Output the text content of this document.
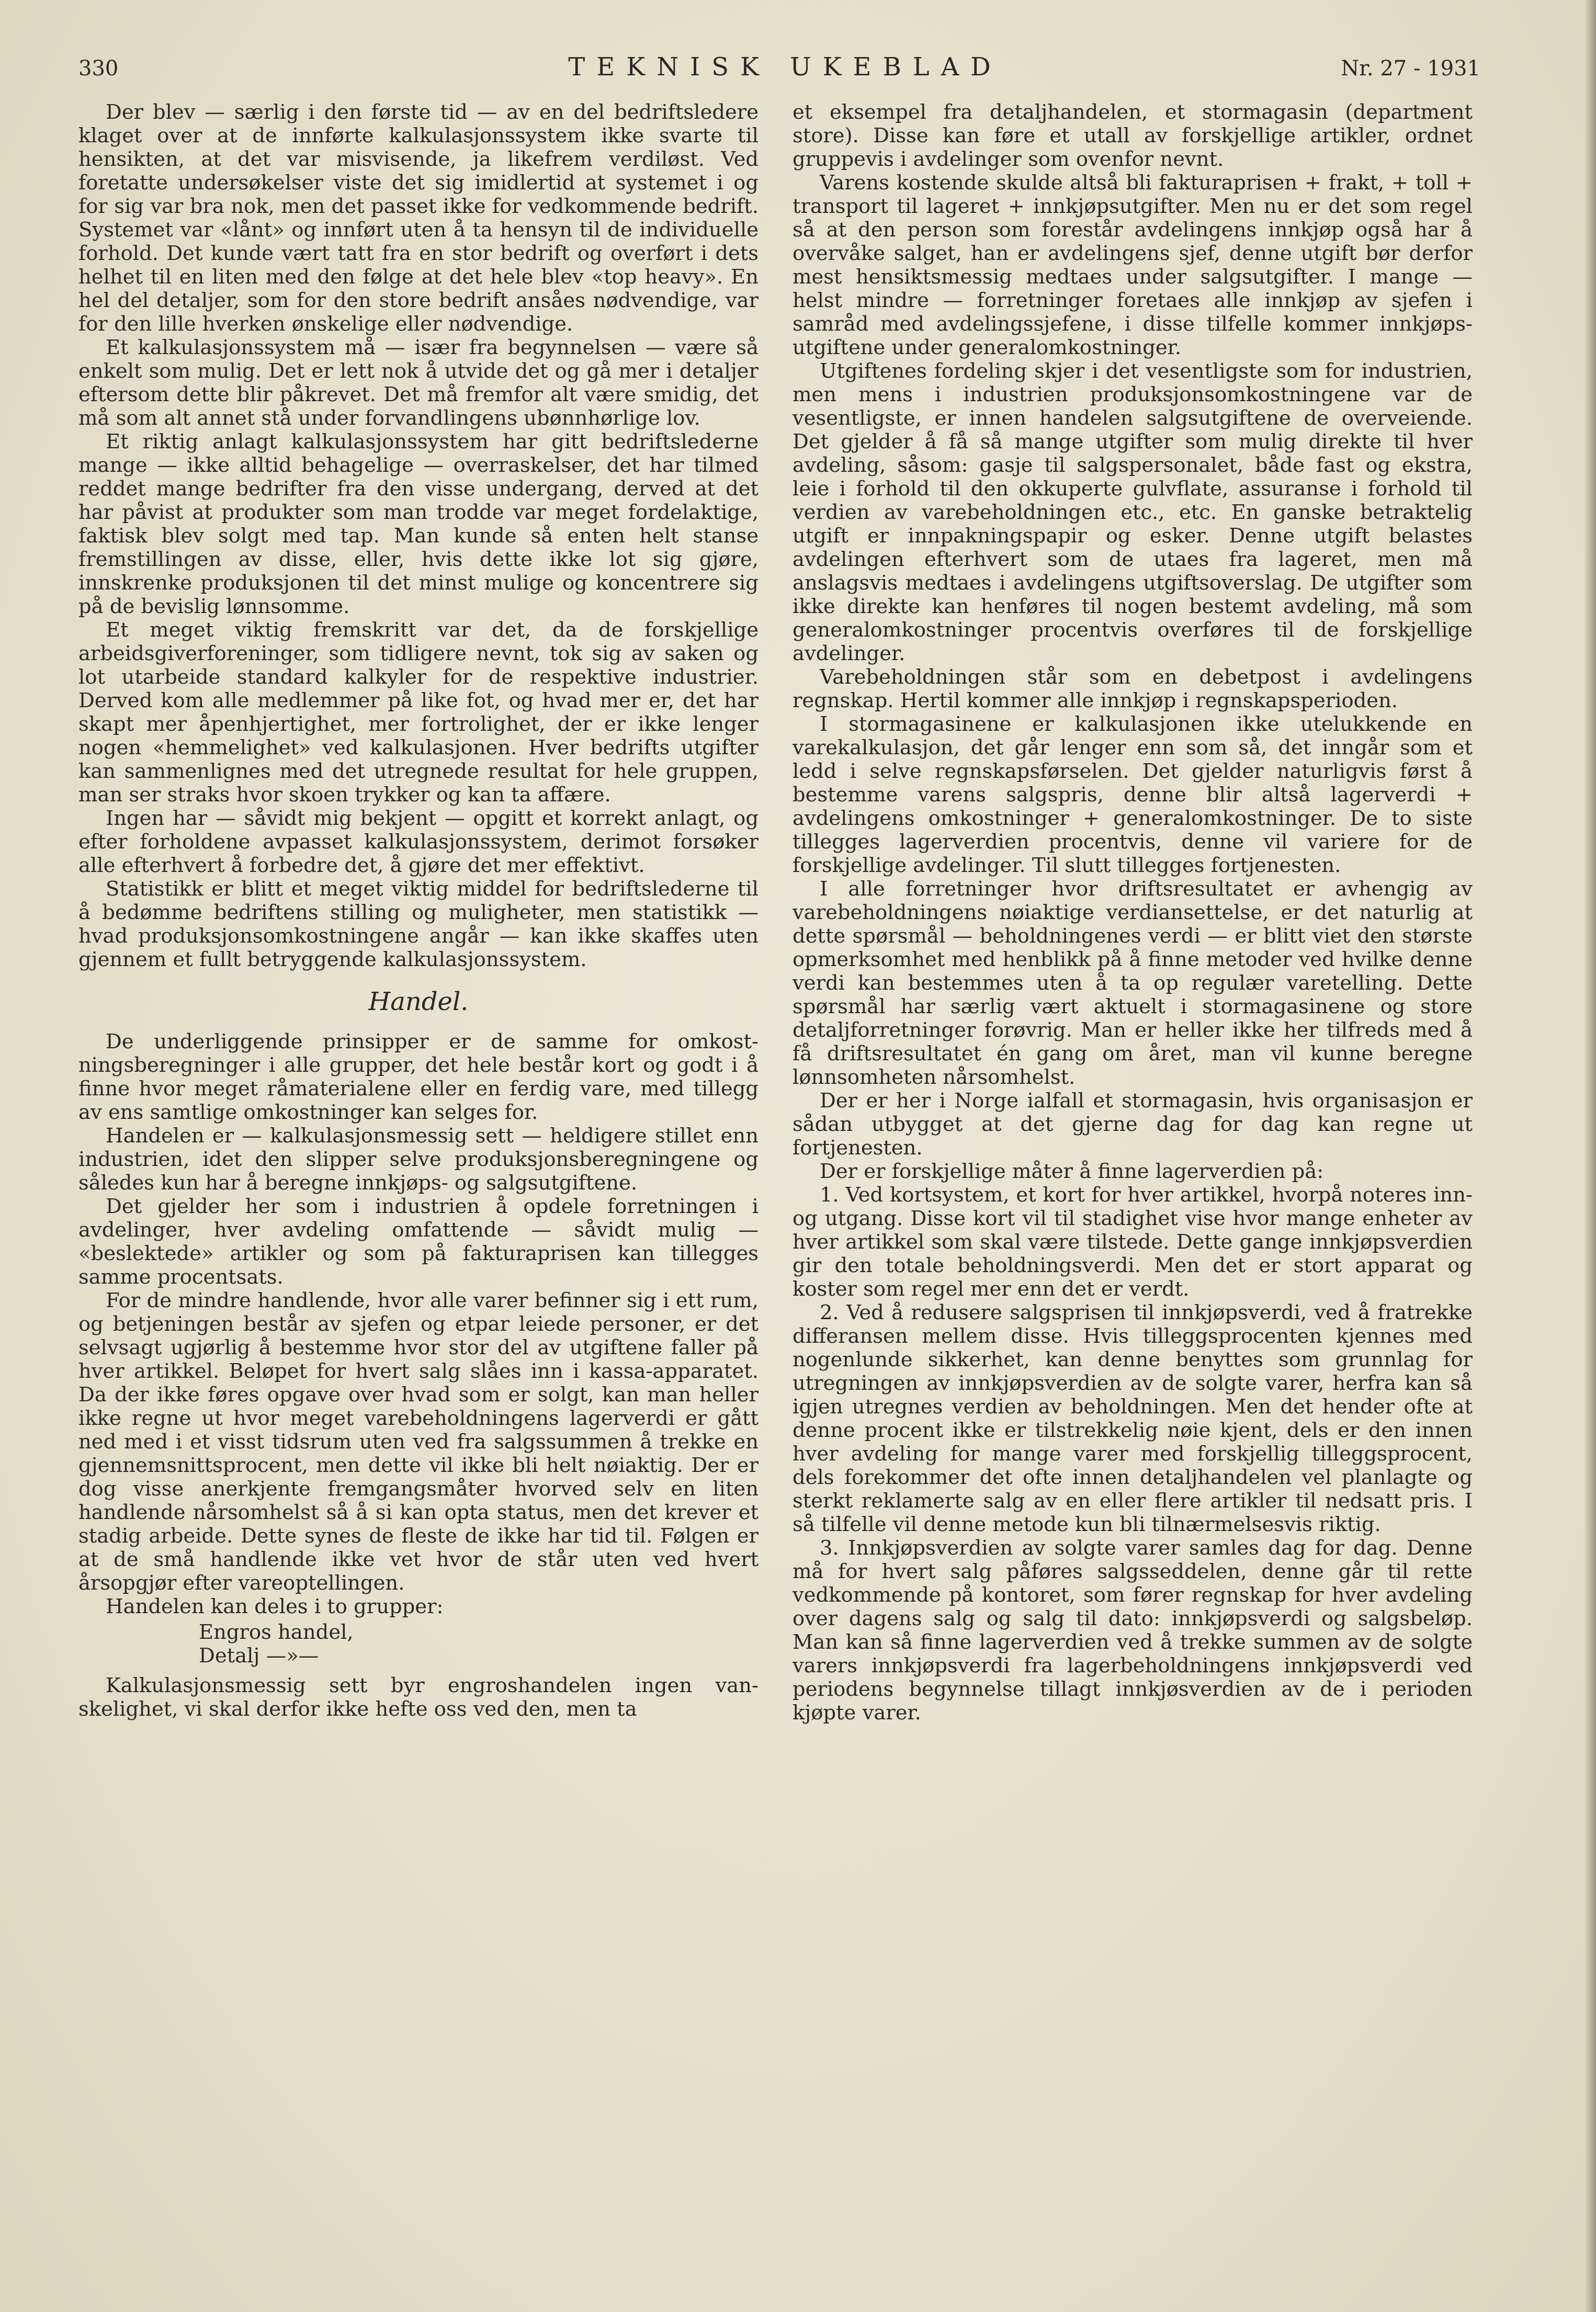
330	TEKNISK UKEBLAD	Nr. 27 - 1931

Der blev — særlig i den første tid — av en del bedriftsledere klaget over at de innførte kalkulasjonssystem ikke svarte til hensikten, at det var misvisende, ja likefrem verdiløst. Ved foretatte undersøkelser viste det sig imidlertid at systemet i og for sig var bra nok, men det passet ikke for vedkommende bedrift. Systemet var «lånt» og innført uten å ta hensyn til de individuelle forhold. Det kunde vært tatt fra en stor bedrift og overført i dets helhet til en liten med den følge at det hele blev «top heavy». En hel del detaljer, som for den store bedrift ansåes nødvendige, var for den lille hverken ønskelige eller nødvendige.

Et kalkulasjonssystem må — især fra begynnelsen — være så enkelt som mulig. Det er lett nok å utvide det og gå mer i detaljer eftersom dette blir påkrevet. Det må fremfor alt være smidig, det må som alt annet stå under forvandlingens ubønnhørlige lov.

Et riktig anlagt kalkulasjonssystem har gitt bedriftslederne mange — ikke alltid behagelige — overraskelser, det har tilmed reddet mange bedrifter fra den visse undergang, derved at det har påvist at produkter som man trodde var meget fordelaktige, faktisk blev solgt med tap. Man kunde så enten helt stanse fremstillingen av disse, eller, hvis dette ikke lot sig gjøre, innskrenke produksjonen til det minst mulige og koncentrere sig på de bevislig lønnsomme.

Et meget viktig fremskritt var det, da de forskjellige arbeidsgiverforeninger, som tidligere nevnt, tok sig av saken og lot utarbeide standard kalkyler for de respektive industrier. Derved kom alle medlemmer på like fot, og hvad mer er, det har skapt mer åpenhjertighet, mer fortrolighet, der er ikke lenger nogen «hemmelighet» ved kalkulasjonen. Hver bedrifts utgifter kan sammenlignes med det utregnede resultat for hele gruppen, man ser straks hvor skoen trykker og kan ta affære.

Ingen har — såvidt mig bekjent — opgitt et korrekt anlagt, og efter forholdene avpasset kalkulasjonssystem, derimot forsøker alle efterhvert å forbedre det, å gjøre det mer effektivt.

Statistikk er blitt et meget viktig middel for bedriftslederne til å bedømme bedriftens stilling og muligheter, men statistikk — hvad produksjonsomkostningene angår — kan ikke skaffes uten gjennem et fullt betryggende kalkulasjonssystem.

Handel.

De underliggende prinsipper er de samme for omkostningsberegninger i alle grupper, det hele består kort og godt i å finne hvor meget råmaterialene eller en ferdig vare, med tillegg av ens samtlige omkostninger kan selges for.

Handelen er — kalkulasjonsmessig sett — heldigere stillet enn industrien, idet den slipper selve produksjonsberegningene og således kun har å beregne innkjøps- og salgsutgiftene.

Det gjelder her som i industrien å opdele forretningen i avdelinger, hver avdeling omfattende — såvidt mulig — «beslektede» artikler og som på fakturaprisen kan tillegges samme procentsats.

For de mindre handlende, hvor alle varer befinner sig i ett rum, og betjeningen består av sjefen og etpar leiede personer, er det selvsagt ugjørlig å bestemme hvor stor del av utgiftene faller på hver artikkel. Beløpet for hvert salg slåes inn i kassa-apparatet. Da der ikke føres opgave over hvad som er solgt, kan man heller ikke regne ut hvor meget varebeholdningens lagerverdi er gått ned med i et visst tidsrum uten ved fra salgssummen å trekke en gjennemsnittsprocent, men dette vil ikke bli helt nøiaktig. Der er dog visse anerkjente fremgangsmåter hvorved selv en liten handlende nårsomhelst så å si kan opta status, men det krever et stadig arbeide. Dette synes de fleste de ikke har tid til. Følgen er at de små handlende ikke vet hvor de står uten ved hvert årsopgjør efter vareoptellingen.

Handelen kan deles i to grupper:

Engros handel,
Detalj —»—

Kalkulasjonsmessig sett byr engroshandelen ingen vanskelighet, vi skal derfor ikke hefte oss ved den, men ta

et eksempel fra detaljhandelen, et stormagasin (department store). Disse kan føre et utall av forskjellige artikler, ordnet gruppevis i avdelinger som ovenfor nevnt.

Varens kostende skulde altså bli fakturaprisen + frakt, + toll + transport til lageret + innkjøpsutgifter. Men nu er det som regel så at den person som forestår avdelingens innkjøp også har å overvåke salget, han er avdelingens sjef, denne utgift bør derfor mest hensiktsmessig medtaes under salgsutgifter. I mange — helst mindre — forretninger foretaes alle innkjøp av sjefen i samråd med avdelingssjefene, i disse tilfelle kommer innkjøpsutgiftene under generalomkostninger.

Utgiftenes fordeling skjer i det vesentligste som for industrien, men mens i industrien produksjonsomkostningene var de vesentligste, er innen handelen salgsutgiftene de overveiende. Det gjelder å få så mange utgifter som mulig direkte til hver avdeling, såsom: gasje til salgspersonalet, både fast og ekstra, leie i forhold til den okkuperte gulvflate, assuranse i forhold til verdien av varebeholdningen etc., etc. En ganske betraktelig utgift er innpakningspapir og esker. Denne utgift belastes avdelingen efterhvert som de utaes fra lageret, men må anslagsvis medtaes i avdelingens utgiftsoverslag. De utgifter som ikke direkte kan henføres til nogen bestemt avdeling, må som generalomkostninger procentvis overføres til de forskjellige avdelinger.

Varebeholdningen står som en debetpost i avdelingens regnskap. Hertil kommer alle innkjøp i regnskapsperioden.

I stormagasinene er kalkulasjonen ikke utelukkende en varekalkulasjon, det går lenger enn som så, det inngår som et ledd i selve regnskapsførselen. Det gjelder naturligvis først å bestemme varens salgspris, denne blir altså lagerverdi + avdelingens omkostninger + generalomkostninger. De to siste tillegges lagerverdien procentvis, denne vil variere for de forskjellige avdelinger. Til slutt tillegges fortjenesten.

I alle forretninger hvor driftsresultatet er avhengig av varebeholdningens nøiaktige verdiansettelse, er det naturlig at dette spørsmål — beholdningenes verdi — er blitt viet den største opmerksomhet med henblikk på å finne metoder ved hvilke denne verdi kan bestemmes uten å ta op regulær varetelling. Dette spørsmål har særlig vært aktuelt i stormagasinene og store detaljforretninger forøvrig. Man er heller ikke her tilfreds med å få driftsresultatet én gang om året, man vil kunne beregne lønnsomheten nårsomhelst.

Der er her i Norge ialfall et stormagasin, hvis organisasjon er sådan utbygget at det gjerne dag for dag kan regne ut fortjenesten.

Der er forskjellige måter å finne lagerverdien på:

1. Ved kortsystem, et kort for hver artikkel, hvorpå noteres inn- og utgang. Disse kort vil til stadighet vise hvor mange enheter av hver artikkel som skal være tilstede. Dette gange innkjøpsverdien gir den totale beholdningsverdi. Men det er stort apparat og koster som regel mer enn det er verdt.

2. Ved å redusere salgsprisen til innkjøpsverdi, ved å fratrekke differansen mellem disse. Hvis tilleggsprocenten kjennes med nogenlunde sikkerhet, kan denne benyttes som grunnlag for utregningen av innkjøpsverdien av de solgte varer, herfra kan så igjen utregnes verdien av beholdningen. Men det hender ofte at denne procent ikke er tilstrekkelig nøie kjent, dels er den innen hver avdeling for mange varer med forskjellig tilleggsprocent, dels forekommer det ofte innen detaljhandelen vel planlagte og sterkt reklamerte salg av en eller flere artikler til nedsatt pris. I så tilfelle vil denne metode kun bli tilnærmelsesvis riktig.

3. Innkjøpsverdien av solgte varer samles dag for dag. Denne må for hvert salg påføres salgsseddelen, denne går til rette vedkommende på kontoret, som fører regnskap for hver avdeling over dagens salg og salg til dato: innkjøpsverdi og salgsbeløp. Man kan så finne lagerverdien ved å trekke summen av de solgte varers innkjøpsverdi fra lagerbeholdningens innkjøpsverdi ved periodens begynnelse tillagt innkjøsverdien av de i perioden kjøpte varer.
